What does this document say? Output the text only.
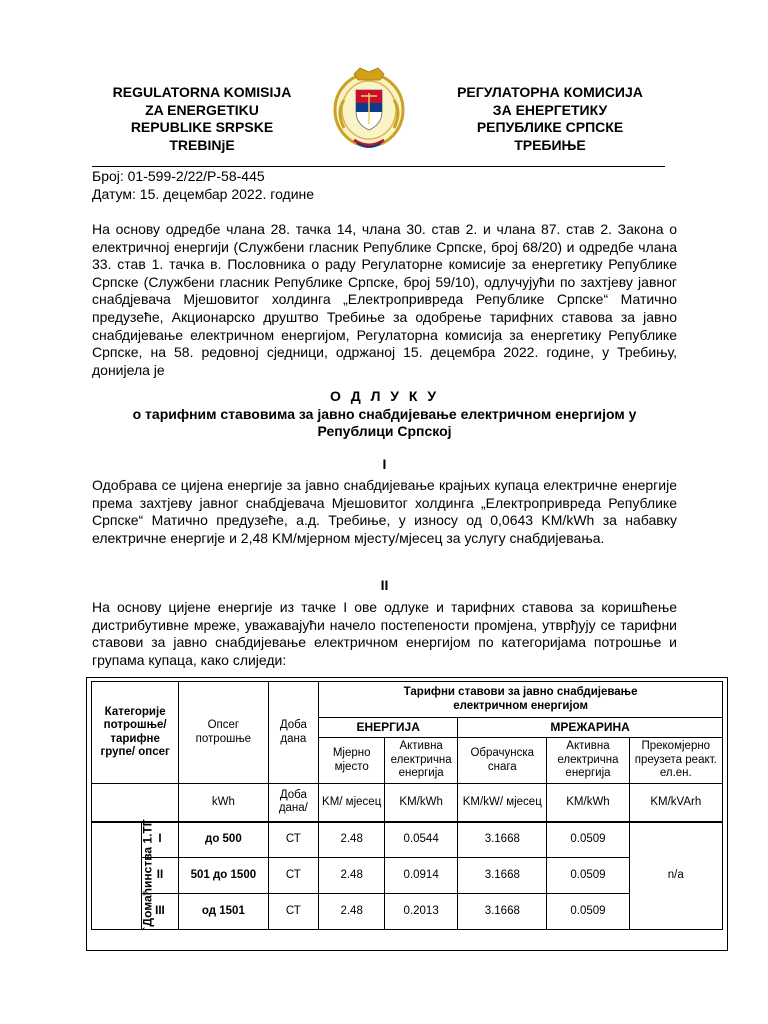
REGULATORNA KOMISIJA
ZA ENERGETIKU
REPUBLIKE SRPSKE
TREBINjE
РЕГУЛАТОРНА КОМИСИЈА
ЗА ЕНЕРГЕТИКУ
РЕПУБЛИКЕ СРПСКЕ
ТРЕБИЊЕ
Број: 01-599-2/22/Р-58-445
Датум: 15. децембар 2022. године
На основу одредбе члана 28. тачка 14, члана 30. став 2. и члана 87. став 2. Закона о електричној енергији (Службени гласник Републике Српске, број 68/20) и одредбе члана 33. став 1. тачка в. Пословника о раду Регулаторне комисије за енергетику Републике Српске (Службени гласник Републике Српске, број 59/10), одлучујући по захтјеву јавног снабдјевача Мјешовитог холдинга „Електропривреда Републике Српске“ Матично предузеће, Акционарско друштво Требиње за одобрење тарифних ставова за јавно снабдијевање електричном енергијом, Регулаторна комисија за енергетику Републике Српске, на 58. редовној сједници, одржаној 15. децембра 2022. године, у Требињу, донијела је
О Д Л У К У
о тарифним ставовима за јавно снабдијевање електричном енергијом у
Републици Српској
I
Одобрава се цијена енергије за јавно снабдијевање крајњих купаца електричне енергије према захтјеву јавног снабдјевача Мјешовитог холдинга „Електропривреда Републике Српске“ Матично предузеће, а.д. Требиње, у износу од 0,0643 KM/kWh за набавку електричне енергије и 2,48 KM/мјерном мјесту/мјесец за услугу снабдијевања.
II
На основу цијене енергије из тачке I ове одлуке и тарифних ставова за коришћење дистрибутивне мреже, уважавајући начело постепености промјена, утврђују се тарифни ставови за јавно снабдијевање електричном енергијом по категоријама потрошње и групама купаца, како слиједи:
Категорије потрошње/ тарифне групе/ опсег		Опсег потрошње	Доба дана	Тарифни ставови за јавно снабдијевање електричном енергијом				

				ЕНЕРГИЈА		МРЕЖАРИНА		
				Мјерно мјесто	Активна електрична енергија	Обрачунска снага	Активна електрична енергија	Прекомјерно преузета реакт. ел.ен.
		kWh	Доба дана/	KM/ мјесец	KM/kWh	KM/kW/ мјесец	KM/kWh	KM/kVArh
`Домаћинства 1.ТГ	I	до 500	СТ	2.48	0.0544	3.1668	0.0509	n/a
	II	501 до 1500	СТ	2.48	0.0914	3.1668	0.0509	
	III	од 1501	СТ	2.48	0.2013	3.1668	0.0509	
